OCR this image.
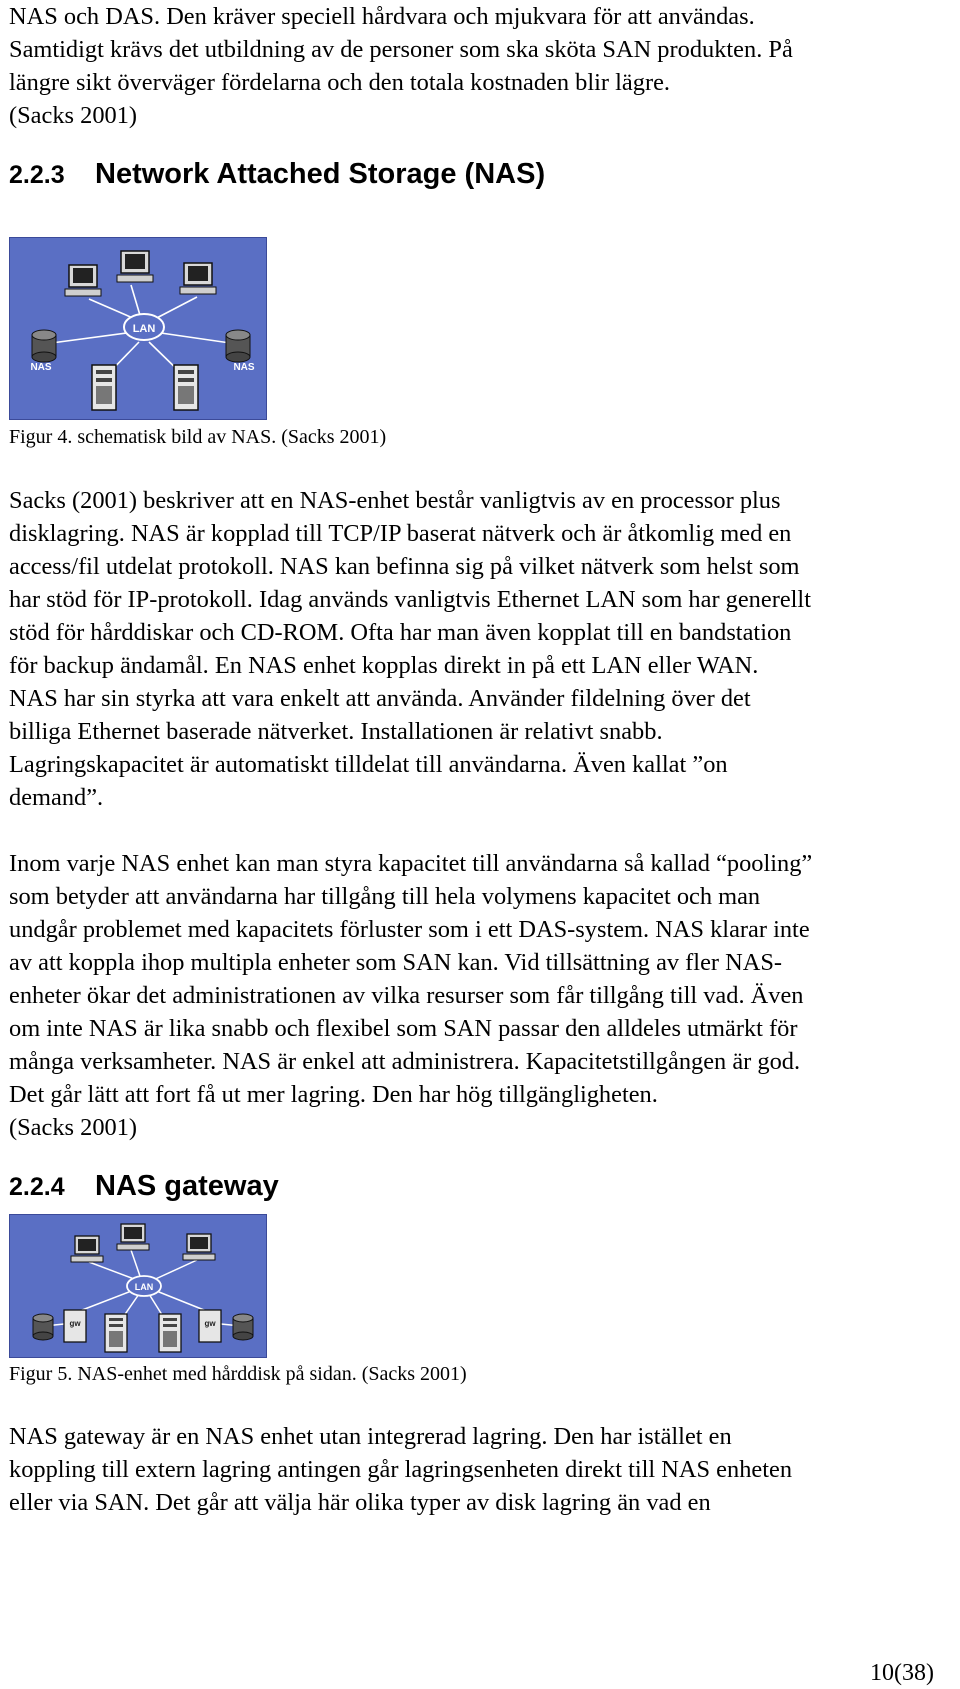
NAS och DAS. Den kräver speciell hårdvara och mjukvara för att användas.
Samtidigt krävs det utbildning av de personer som ska sköta SAN produkten. På
längre sikt överväger fördelarna och den totala kostnaden blir lägre.
(Sacks 2001)
2.2.3 Network Attached Storage (NAS)
LAN
NAS	NAS
Figur 4. schematisk bild av NAS. (Sacks 2001)
Sacks (2001) beskriver att en NAS-enhet består vanligtvis av en processor plus
disklagring. NAS är kopplad till TCP/IP baserat nätverk och är åtkomlig med en
access/fil utdelat protokoll. NAS kan befinna sig på vilket nätverk som helst som
har stöd för IP-protokoll. Idag används vanligtvis Ethernet LAN som har generellt
stöd för hårddiskar och CD-ROM. Ofta har man även kopplat till en bandstation
för backup ändamål. En NAS enhet kopplas direkt in på ett LAN eller WAN.
NAS har sin styrka att vara enkelt att använda. Använder fildelning över det
billiga Ethernet baserade nätverket. Installationen är relativt snabb.
Lagringskapacitet är automatiskt tilldelat till användarna. Även kallat ”on
demand”.
Inom varje NAS enhet kan man styra kapacitet till användarna så kallad “pooling”
som betyder att användarna har tillgång till hela volymens kapacitet och man
undgår problemet med kapacitets förluster som i ett DAS-system. NAS klarar inte
av att koppla ihop multipla enheter som SAN kan. Vid tillsättning av fler NAS-
enheter ökar det administrationen av vilka resurser som får tillgång till vad. Även
om inte NAS är lika snabb och flexibel som SAN passar den alldeles utmärkt för
många verksamheter. NAS är enkel att administrera. Kapacitetstillgången är god.
Det går lätt att fort få ut mer lagring. Den har hög tillgängligheten.
(Sacks 2001)
2.2.4 NAS gateway
LAN
gw	gw
Figur 5. NAS-enhet med hårddisk på sidan. (Sacks 2001)
NAS gateway är en NAS enhet utan integrerad lagring. Den har istället en
koppling till extern lagring antingen går lagringsenheten direkt till NAS enheten
eller via SAN. Det går att välja här olika typer av disk lagring än vad en
10(38)
